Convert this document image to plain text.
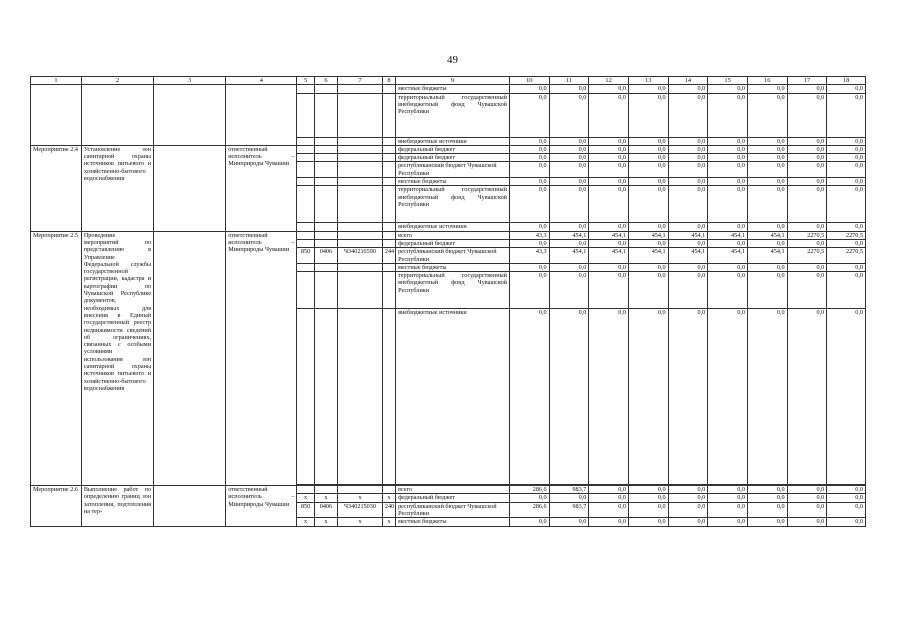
49
1	2	3	4	5	6	7	8	9	10	11	12	13	14	15	16	17	18
								местные бюджеты	0,0	0,0	0,0	0,0	0,0	0,0	0,0	0,0	0,0
								территориальный государственный внебюджетный фонд Чувашской Республики	0,0	0,0	0,0	0,0	0,0	0,0	0,0	0,0	0,0
								внебюджетные источники	0,0	0,0	0,0	0,0	0,0	0,0	0,0	0,0	0,0
Мероприятие 2.4	Установление зон санитарной охраны источников питьевого и хозяйственно-бытового водоснабжения		ответственный исполнитель – Минприроды Чувашии					федеральный бюджет	0,0	0,0	0,0	0,0	0,0	0,0	0,0	0,0	0,0
								федеральный бюджет	0,0	0,0	0,0	0,0	0,0	0,0	0,0	0,0	0,0
								республиканский бюджет Чувашской Республики	0,0	0,0	0,0	0,0	0,0	0,0	0,0	0,0	0,0
								местные бюджеты	0,0	0,0	0,0	0,0	0,0	0,0	0,0	0,0	0,0
								территориальный государственный внебюджетный фонд Чувашской Республики	0,0	0,0	0,0	0,0	0,0	0,0	0,0	0,0	0,0
								внебюджетные источники	0,0	0,0	0,0	0,0	0,0	0,0	0,0	0,0	0,0
Мероприятие 2.5	Проведение мероприятий по представлению в Управление Федеральной службы государственной регистрации, кадастра и картографии по Чувашской Республике документов, необходимых для внесения в Единый государственный реестр недвижимости сведений об ограничениях, связанных с особыми условиями использования зон санитарной охраны источников питьевого и хозяйственно-бытового водоснабжения		ответственный исполнитель – Минприроды Чувашии					всего	43,3	454,1	454,1	454,1	454,1	454,1	454,1	2270,5	2270,5
								федеральный бюджет	0,0	0,0	0,0	0,0	0,0	0,0	0,0	0,0	0,0
				850	0406	Ч340216590	244	республиканский бюджет Чувашской Республики	43,3	454,1	454,1	454,1	454,1	454,1	454,1	2270,5	2270,5
								местные бюджеты	0,0	0,0	0,0	0,0	0,0	0,0	0,0	0,0	0,0
								территориальный государственный внебюджетный фонд Чувашской Республики	0,0	0,0	0,0	0,0	0,0	0,0	0,0	0,0	0,0
								внебюджетные источники	0,0	0,0	0,0	0,0	0,0	0,0	0,0	0,0	0,0

Мероприятие 2.6	Выполнение работ по определению границ зон затопления, подтопления на тер-		ответственный исполнитель – Минприроды Чувашии					всего	286,6	983,7	0,0	0,0	0,0	0,0	0,0	0,0	0,0
				x	x	x	x	федеральный бюджет	0,0	0,0	0,0	0,0	0,0	0,0	0,0	0,0	0,0
				850	0406	Ч340215030	240	республиканский бюджет Чувашской Республики	286,6	983,7	0,0	0,0	0,0	0,0	0,0	0,0	0,0
				x	x	x	x	местные бюджеты	0,0	0,0	0,0	0,0	0,0	0,0	0,0	0,0	0,0
